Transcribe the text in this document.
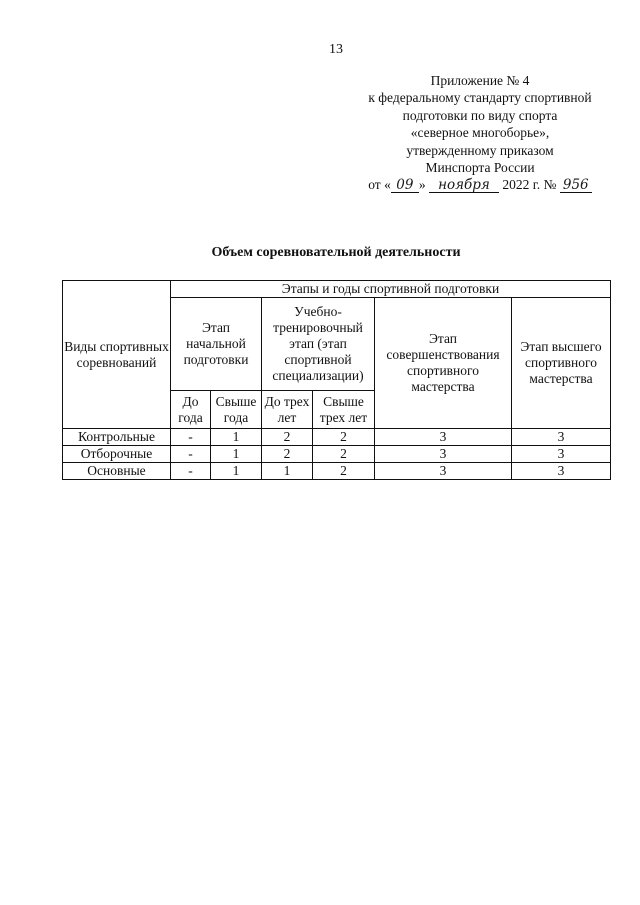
13
Приложение № 4
к федеральному стандарту спортивной
подготовки по виду спорта
«северное многоборье»,
утвержденному приказом
Минспорта России
от « 09 » ноября 2022 г. № 956
Объем соревновательной деятельности
Виды спортивных соревнований	Этапы и годы спортивной подготовки					
	Этап начальной подготовки		Учебно-тренировочный этап (этап спортивной специализации)		Этап совершенствования спортивного мастерства	Этап высшего спортивного мастерства
	До года	Свыше года	До трех лет	Свыше трех лет		
Контрольные	-	1	2	2	3	3
Отборочные	-	1	2	2	3	3
Основные	-	1	1	2	3	3
